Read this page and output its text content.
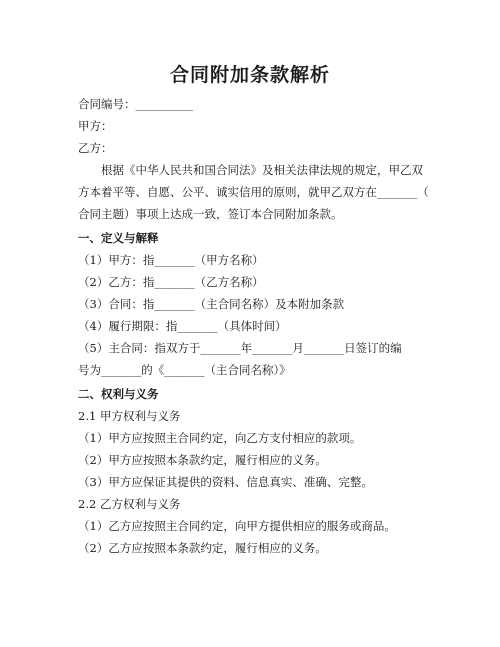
合同附加条款解析
合同编号：__________
甲方：
乙方：
　　根据《中华人民共和国合同法》及相关法律法规的规定，甲乙双
方本着平等、自愿、公平、诚实信用的原则，就甲乙双方在_______（
合同主题）事项上达成一致，签订本合同附加条款。
一、定义与解释
（1）甲方：指_______（甲方名称）
（2）乙方：指_______（乙方名称）
（3）合同：指_______（主合同名称）及本附加条款
（4）履行期限：指_______（具体时间）
（5）主合同：指双方于_______年_______月_______日签订的编
号为_______的《_______（主合同名称）》
二、权利与义务
2.1 甲方权利与义务
（1）甲方应按照主合同约定，向乙方支付相应的款项。
（2）甲方应按照本条款约定，履行相应的义务。
（3）甲方应保证其提供的资料、信息真实、准确、完整。
2.2 乙方权利与义务
（1）乙方应按照主合同约定，向甲方提供相应的服务或商品。
（2）乙方应按照本条款约定，履行相应的义务。
